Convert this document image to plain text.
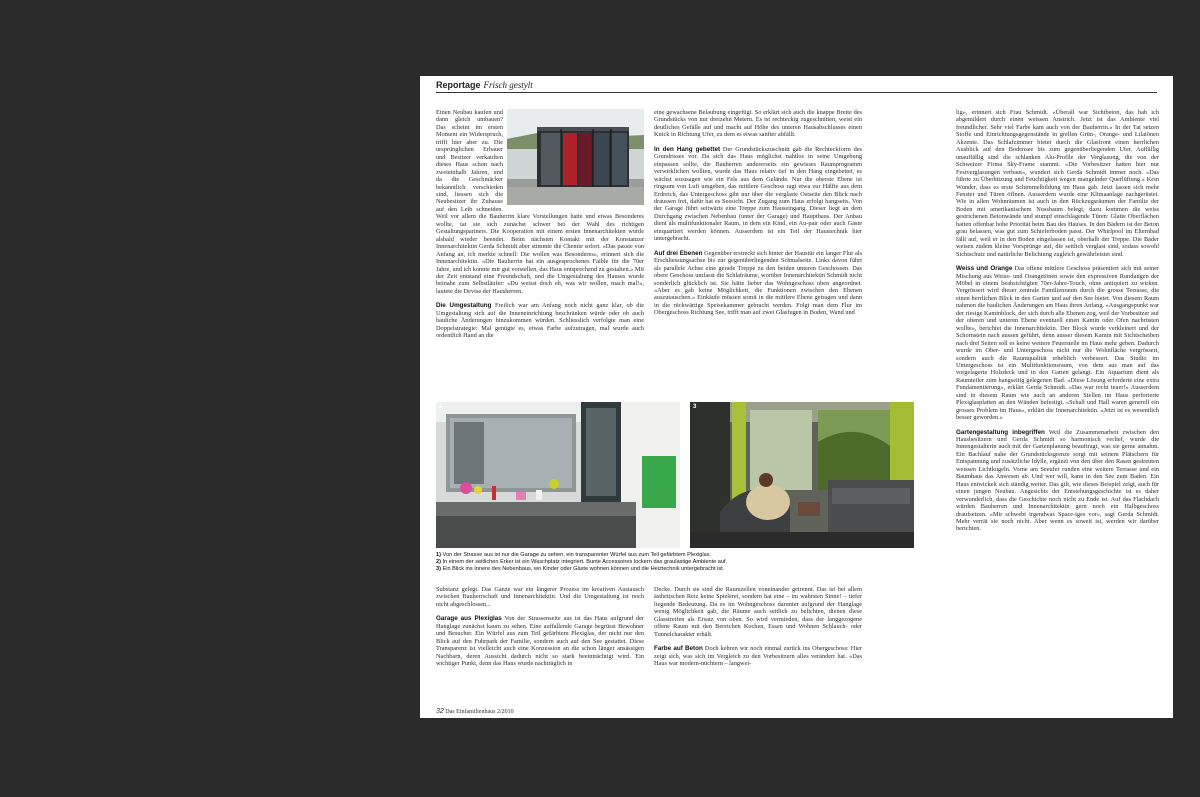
Reportage Frisch gestylt

Einen Neubau kaufen und dann gleich umbauen? Das scheint im ersten Moment ein Widerspruch, trifft hier aber zu. Die ursprünglichen Erbauer und Besitzer verkauften dieses Haus schon nach zweieinhalb Jahren, und da die Geschmäcker bekanntlich verschieden sind, liessen sich die Neubesitzer ihr Zuhause auf den Leib schneiden. Weil vor allem die Bauherrin klare Vorstellungen hatte und etwas Besonderes wollte, tat sie sich zunächst schwer bei der Wahl des richtigen Gestaltungspartners. Die Kooperation mit einem ersten Innenarchitekten wurde alsbald wieder beendet. Beim nächsten Kontakt mit der Konstanzer Innenarchitektin Gerda Schmidt aber stimmte die Chemie sofort. «Das passte von Anfang an, ich merkte schnell: Die wollen was Besonderes», erinnert sich die Innenarchitektin. «Die Bauherrin hat ein ausgesprochenes Faible für die 70er Jahre, und ich konnte mir gut vorstellen, das Haus entsprechend zu gestalten.» Mit der Zeit entstand eine Freundschaft, und die Umgestaltung des Hauses wurde beinahe zum Selbstläufer: «Du weisst doch eh, was wir wollen, mach mal!», lautete die Devise der Hausherren.

Die Umgestaltung Freilich war am Anfang noch nicht ganz klar, ob die Umgestaltung sich auf die Inneneinrichtung beschränken würde oder ob auch bauliche Änderungen hinzukommen würden. Schliesslich verfolgte man eine Doppelstrategie: Mal genügte es, etwas Farbe aufzutragen, mal wurde auch ordentlich Hand an die

eine gewachsene Belaubung eingefügt. So erklärt sich auch die knappe Breite des Grundstücks von nur dreizehn Metern. Es ist rechteckig zugeschnitten, weist ein deutliches Gefälle auf und macht auf Höhe des unteren Hausabschlusses einen Knick in Richtung Ufer, zu dem es etwas sanfter abfällt.

In den Hang gebettet Der Grundstückszuschnitt gab die Rechteckform des Grundrisses vor. Da sich das Haus möglichst nahtlos in seine Umgebung einpassen sollte, die Bauherren andererseits ein gewisses Raumprogramm verwirklichen wollten, wurde das Haus relativ tief in den Hang eingebettet, es wächst sozusagen wie ein Fels aus dem Gelände. Nur die oberste Ebene ist ringsum von Luft umgeben, das mittlere Geschoss ragt etwa zur Hälfte aus dem Erdreich, das Untergeschoss gibt nur über die verglaste Ostseite den Blick nach draussen frei, dafür hat es Seesicht. Der Zugang zum Haus erfolgt hangseits. Von der Garage führt seitwärts eine Treppe zum Hauseingang. Dieser liegt an dem Durchgang zwischen Nebenbau (unter der Garage) und Haupthaus. Der Anbau dient als multifunktionaler Raum, in dem ein Kind, ein Au-pair oder auch Gäste einquartiert werden können. Ausserdem ist ein Teil der Haustechnik hier untergebracht.

Auf drei Ebenen Gegenüber erstreckt sich hinter der Haustür ein langer Flur als Erschliessungsachse bis zur gegenüberliegenden Schmalseite. Links davon führt als parallele Achse eine gerade Treppe zu den beiden unteren Geschossen. Das obere Geschoss umfasst die Schlafräume, worüber Innenarchitektin Schmidt nicht sonderlich glücklich ist. Sie hätte lieber das Wohngeschoss oben angeordnet. «Aber es gab keine Möglichkeit, die Funktionen zwischen den Ebenen auszutauschen.» Einkäufe müssen somit in die mittlere Ebene getragen und dann in die rückwärtige Speisekammer gebracht werden. Folgt man dem Flur im Obergeschoss Richtung See, trifft man auf zwei Glasfugen in Boden, Wand und

2	3
1) Von der Strasse aus ist nur die Garage zu sehen, ein transparenter Würfel aus zum Teil gefärbtem Plexiglas.
2) In einem der seitlichen Erker ist ein Waschplatz integriert. Bunte Accessoires lockern das graulastige Ambiente auf.
3) Ein Blick ins Innere des Nebenbaus, wo Kinder oder Gäste wohnen können und die Heiztechnik untergebracht ist.

Substanz gelegt. Das Ganze war ein längerer Prozess im kreativen Austausch zwischen Bauherrschaft und Innenarchitektin. Und die Umgestaltung ist noch nicht abgeschlossen...

Garage aus Plexiglas Von der Strassenseite aus ist das Haus aufgrund der Hanglage zunächst kaum zu sehen. Eine auffallende Garage begrüsst Bewohner und Besucher. Ein Würfel aus zum Teil gefärbtem Plexiglas, der nicht nur den Blick auf den Fuhrpark der Familie, sondern auch auf den See gestattet. Diese Transparenz ist vielleicht auch eine Konzession an die schon länger ansässigen Nachbarn, deren Aussicht dadurch nicht so stark beeinträchtigt wird. Ein wichtiger Punkt, denn das Haus wurde nachträglich in

Decke. Durch sie sind die Raumzellen voneinander getrennt. Das ist bei allem ästhetischen Reiz keine Spielerei, sondern hat eine – im wahrsten Sinne! – tiefer liegende Bedeutung. Da es im Wohngeschoss darunter aufgrund der Hanglage wenig Möglichkeit gab, die Räume auch seitlich zu belichten, dienen diese Glasstreifen als Ersatz von oben. So wird vermieden, dass der langgezogene offene Raum mit den Bereichen Kochen, Essen und Wohnen Schlauch- oder Tunnelcharakter erhält.

Farbe auf Beton Doch kehren wir noch einmal zurück ins Obergeschoss: Hier zeigt sich, was sich im Vergleich zu den Vorbesitzern alles verändert hat. «Das Haus war modern-nüchtern – langwei-

lig», erinnert sich Frau Schmidt. «Überall war Sichtbeton, das hab ich abgemildert durch einen weissen Anstrich. Jetzt ist das Ambiente viel freundlicher. Sehr viel Farbe kam auch von der Bauherrin.» In der Tat setzen Stoffe und Einrichtungsgegenstände in grellen Grün-, Orange- und Lilatönen Akzente. Das Schlafzimmer bietet durch die Glasfront einen herrlichen Ausblick auf den Bodensee bis zum gegenüberliegenden Ufer. Auffällig unauffällig sind die schlanken Alu-Profile der Verglasung, die von der Schweizer Firma Sky-Frame stammt. «Die Vorbesitzer hatten hier nur Festverglasungen verbaut», wundert sich Gerda Schmidt immer noch. «Das führte zu Überhitzung und Feuchtigkeit wegen mangelnder Querlüftung.» Kein Wunder, dass es erste Schimmelbildung im Haus gab. Jetzt lassen sich mehr Fenster und Türen öffnen. Ausserdem wurde eine Klimaanlage nachgerüstet. Wie in allen Wohnräumen ist auch in den Rückzugsräumen der Familie der Boden mit amerikanischem Nussbaum belegt, dazu kommen die weiss gestrichenen Betonwände und stumpf einschlagende Türen: Glatte Oberflächen hatten offenbar hohe Priorität beim Bau des Hauses. In den Bädern ist der Beton grau belassen, was gut zum Schieferboden passt. Der Whirlpool im Elternbad fällt auf, weil er in den Boden eingelassen ist, oberhalb der Treppe. Die Bäder weisen zudem kleine Vorsprünge auf, die seitlich verglast sind, sodass sowohl Sichtschutz und natürliche Belichtung zugleich gewährleistet sind.

Weiss und Orange Das offene mittlere Geschoss präsentiert sich mit seiner Mischung aus Weiss- und Orangetönen sowie den expressiven Rundungen der Möbel in einem beabsichtigten 70er-Jahre-Touch, ohne antiquiert zu wirken. Vergrössert wird dieser zentrale Familienraum durch die grosse Terrasse, die einen herrlichen Blick in den Garten und auf den See bietet. Von diesem Raum nahmen die baulichen Änderungen am Haus ihren Anfang. «Ausgangspunkt war der riesige Kaminblock, der sich durch alle Ebenen zog, weil der Vorbesitzer auf der oberen und unteren Ebene eventuell einen Kamin oder Ofen nachrüsten wollte», berichtet die Innenarchitektin. Der Block wurde verkleinert und der Schornstein nach aussen geführt, denn ausser diesem Kamin mit Sichtscheiben nach drei Seiten soll es keine weitere Feuerstelle im Haus mehr geben. Dadurch wurde im Ober- und Untergeschoss nicht nur die Wohnfläche vergrössert, sondern auch die Raumqualität erheblich verbessert. Das Studio im Untergeschoss ist ein Multifunktionsraum, von dem aus man auf das vorgelagerte Holzdeck und in den Garten gelangt. Ein Aquarium dient als Raumteiler zum hangseitig gelegenen Bad. «Diese Lösung erforderte eine extra Fundamentierung», erklärt Gerda Schmidt. «Das war recht teuer!» Ausserdem sind in diesem Raum wie auch an anderen Stellen im Haus perforierte Plexiglasplatten an den Wänden befestigt. «Schall und Hall waren generell ein grosses Problem im Haus», erklärt die Innenarchitektin. «Jetzt ist es wesentlich besser geworden.»

Gartengestaltung inbegriffen Weil die Zusammenarbeit zwischen den Hausbesitzern und Gerda Schmidt so harmonisch verlief, wurde die Innengestalterin auch mit der Gartenplanung beauftragt, was sie gerne annahm. Ein Bachlauf nahe der Grundstücksgrenze sorgt mit seinem Plätschern für Entspannung und zusätzliche Idylle, ergänzt von den über den Rasen gestreuten weissen Lichtkugeln. Vorne am Seeufer runden eine weitere Terrasse und ein Baumhaus das Anwesen ab. Und wer will, kann in den See zum Baden. Ein Haus entwickelt sich ständig weiter. Das gilt, wie dieses Beispiel zeigt, auch für einen jungen Neubau. Angesichts der Entstehungsgeschichte ist es daher verwunderlich, dass die Geschichte noch nicht zu Ende ist. Auf das Flachdach würden Bauherren und Innenarchitektin gern noch ein Halbgeschoss draufsetzen. «Mir schwebt irgendwas Space-iges vor», sagt Gerda Schmidt. Mehr verrät sie noch nicht. Aber wenn es soweit ist, werden wir darüber berichten.

32 Das Einfamilienhaus 2/2010
